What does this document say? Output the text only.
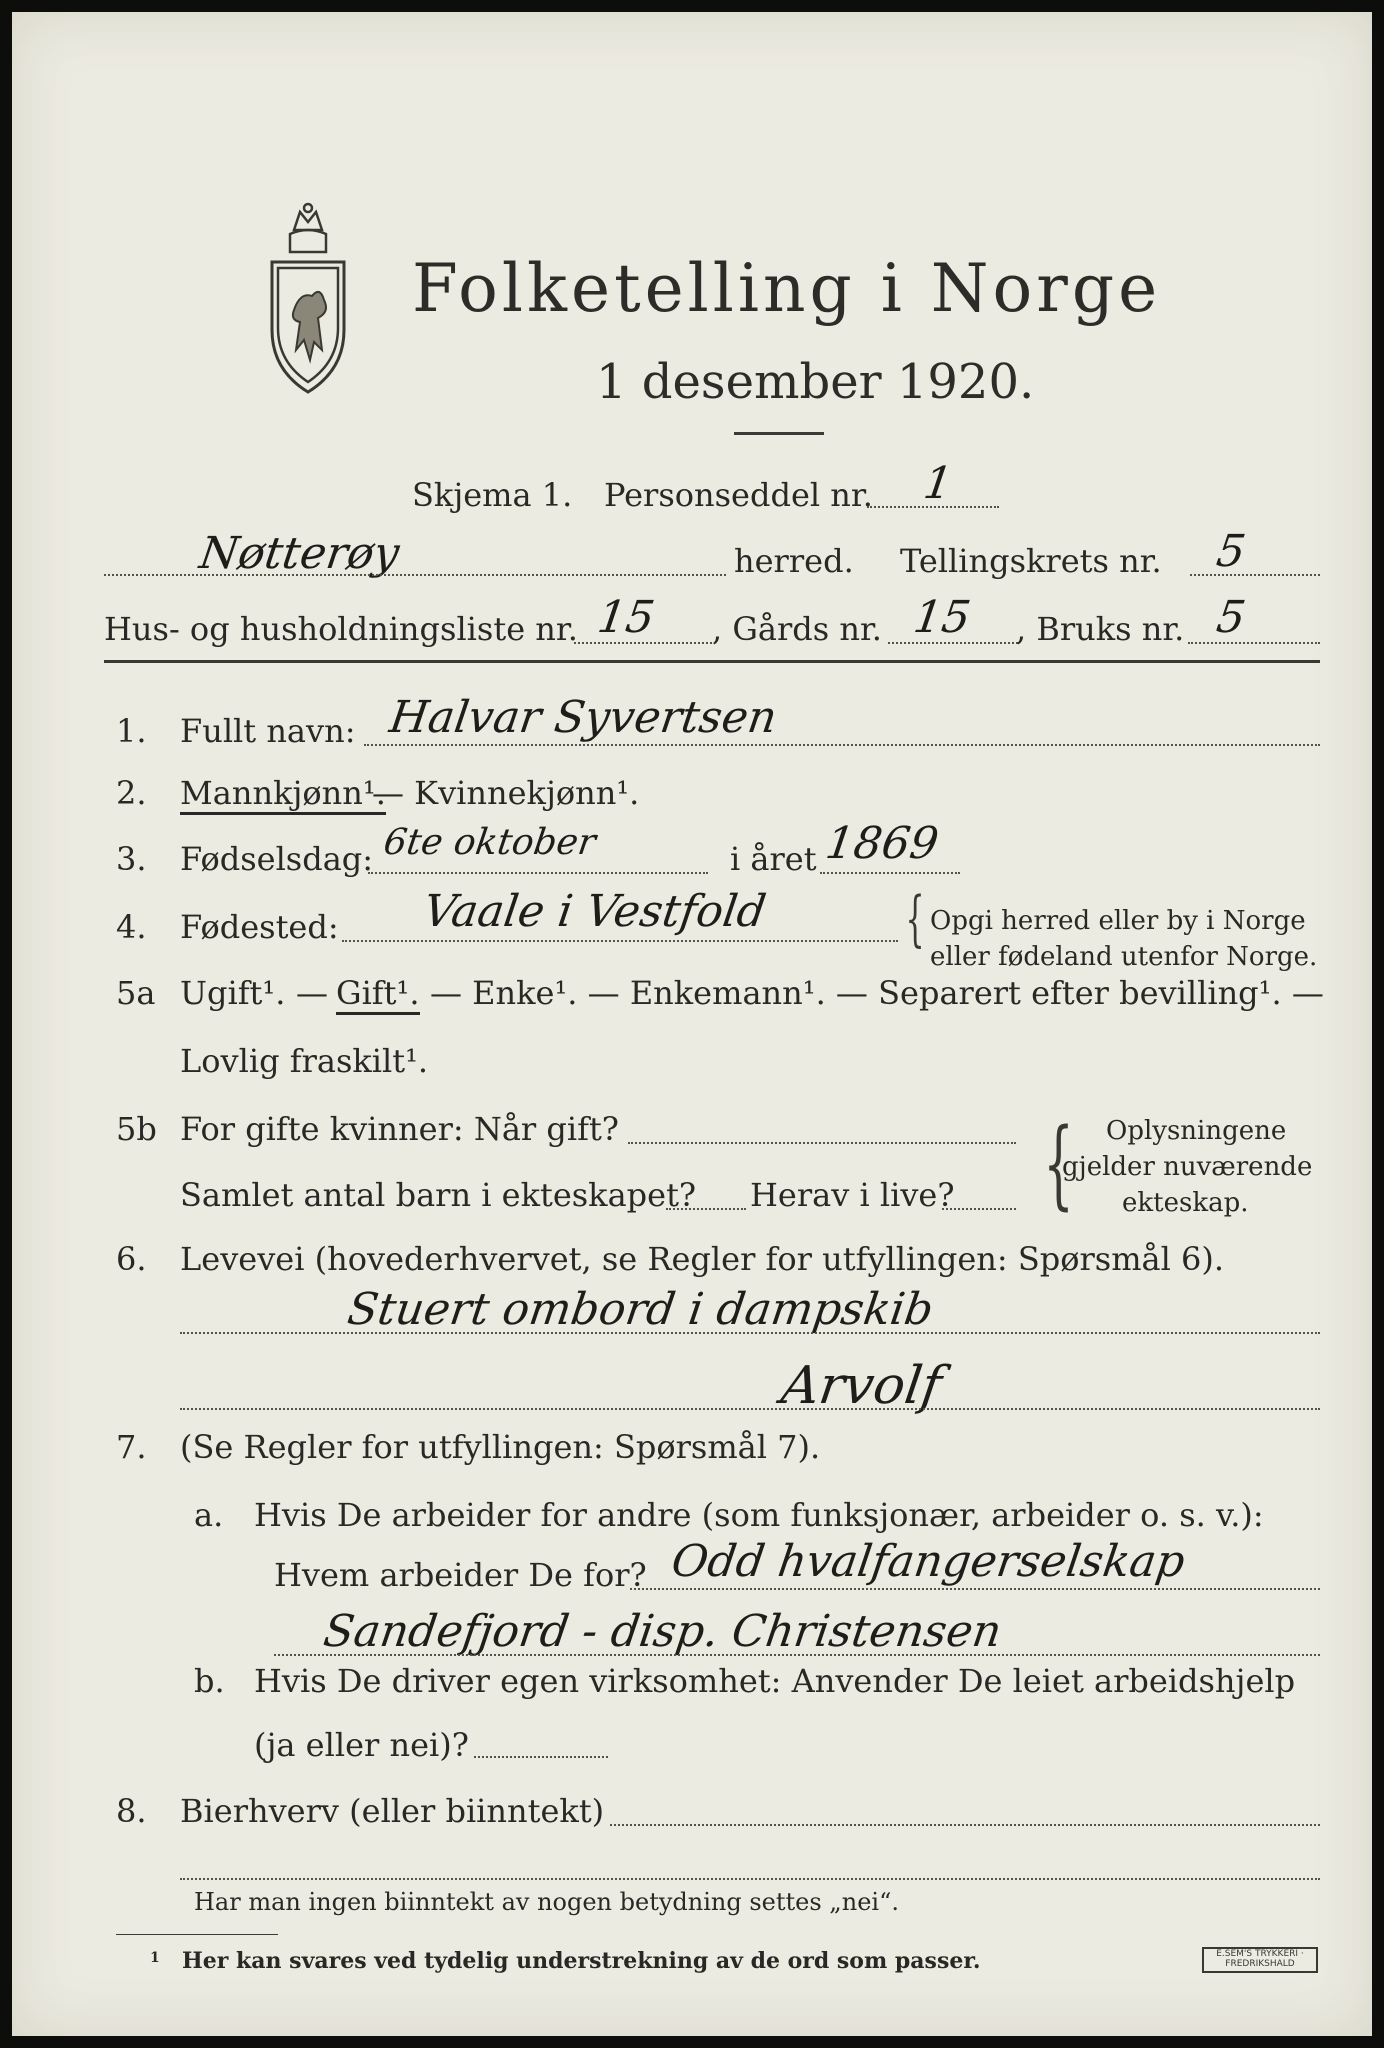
Folketelling i Norge
1 desember 1920.
Skjema 1. Personseddel nr. 1
Nøtterøy	herred. Tellingskrets nr. 5
Hus- og husholdningsliste nr. 15 , Gårds nr. 15 , Bruks nr. 5
1. Fullt navn: Halvar Syvertsen
2. Mannkjønn¹.
— Kvinnekjønn¹.
3. Fødselsdag: 6te oktober	i året 1869
4. Fødested: Vaale i Vestfold { Opgi herred eller by i Norge
eller fødeland utenfor Norge.
5a Ugift¹. — Gift¹. — Enke¹. — Enkemann¹. — Separert efter bevilling¹. —
Lovlig fraskilt¹.
5b For gifte kvinner: Når gift?
Samlet antal barn i ekteskapet? Herav i live? { Oplysningene
gjelder nuværende
ekteskap.
6. Levevei (hovederhvervet, se Regler for utfyllingen: Spørsmål 6).
Stuert ombord i dampskib
Arvolf
7. (Se Regler for utfyllingen: Spørsmål 7).
a. Hvis De arbeider for andre (som funksjonær, arbeider o. s. v.):
Hvem arbeider De for? Odd hvalfangerselskap
Sandefjord - disp. Christensen
b. Hvis De driver egen virksomhet: Anvender De leiet arbeidshjelp
(ja eller nei)?
8. Bierhverv (eller biinntekt)
Har man ingen biinntekt av nogen betydning settes „nei“.
1 Her kan svares ved tydelig understrekning av de ord som passer.	E.SEM'S TRYKKERI · FREDRIKSHALD
